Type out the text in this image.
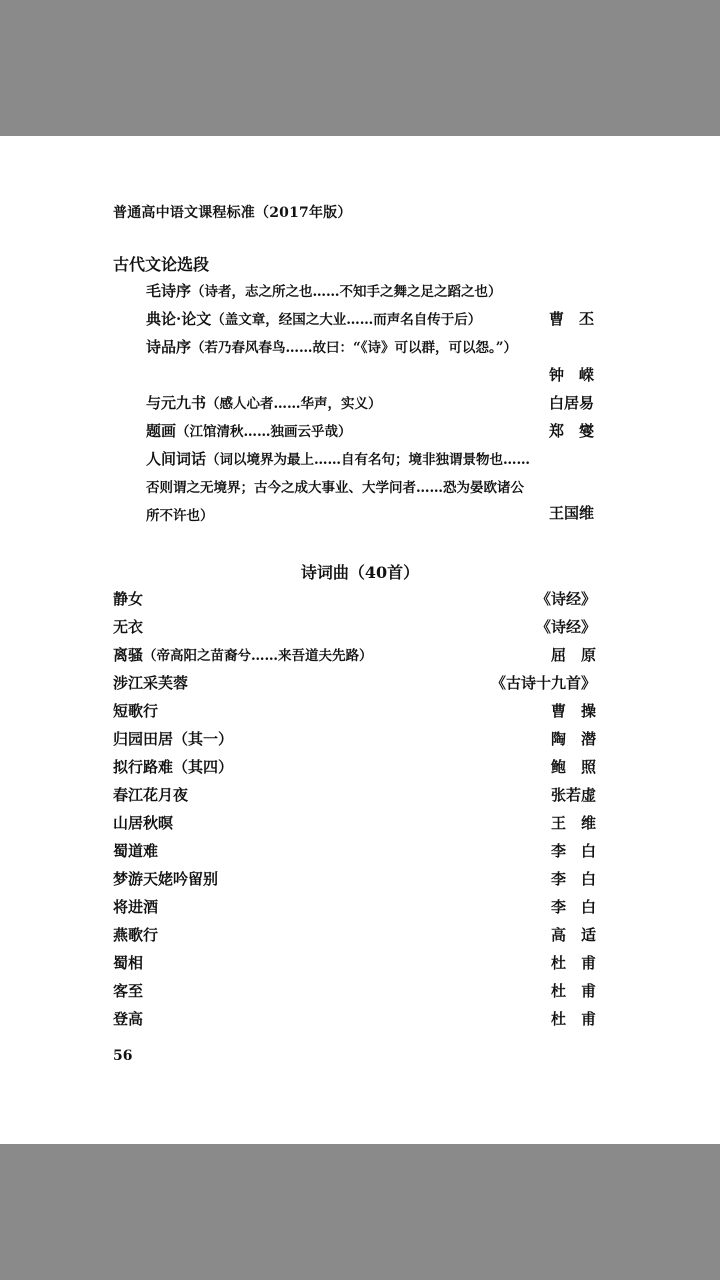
普通高中语文课程标准（2017年版）
古代文论选段
毛诗序（诗者，志之所之也……不知手之舞之足之蹈之也）
典论·论文（盖文章，经国之大业……而声名自传于后）	曹　丕
诗品序（若乃春风春鸟……故曰：“《诗》可以群，可以怨。”）
钟　嵘
与元九书（感人心者……华声，实义）	白居易
题画（江馆清秋……独画云乎哉）	郑　燮
人间词话（词以境界为最上……自有名句；境非独谓景物也……
否则谓之无境界；古今之成大事业、大学问者……恐为晏欧诸公
所不许也）	王国维
诗词曲（40首）
静女	《诗经》
无衣	《诗经》
离骚（帝高阳之苗裔兮……来吾道夫先路）	屈　原
涉江采芙蓉	《古诗十九首》
短歌行	曹　操
归园田居（其一）	陶　潜
拟行路难（其四）	鲍　照
春江花月夜	张若虚
山居秋暝	王　维
蜀道难	李　白
梦游天姥吟留别	李　白
将进酒	李　白
燕歌行	高　适
蜀相	杜　甫
客至	杜　甫
登高	杜　甫
56
